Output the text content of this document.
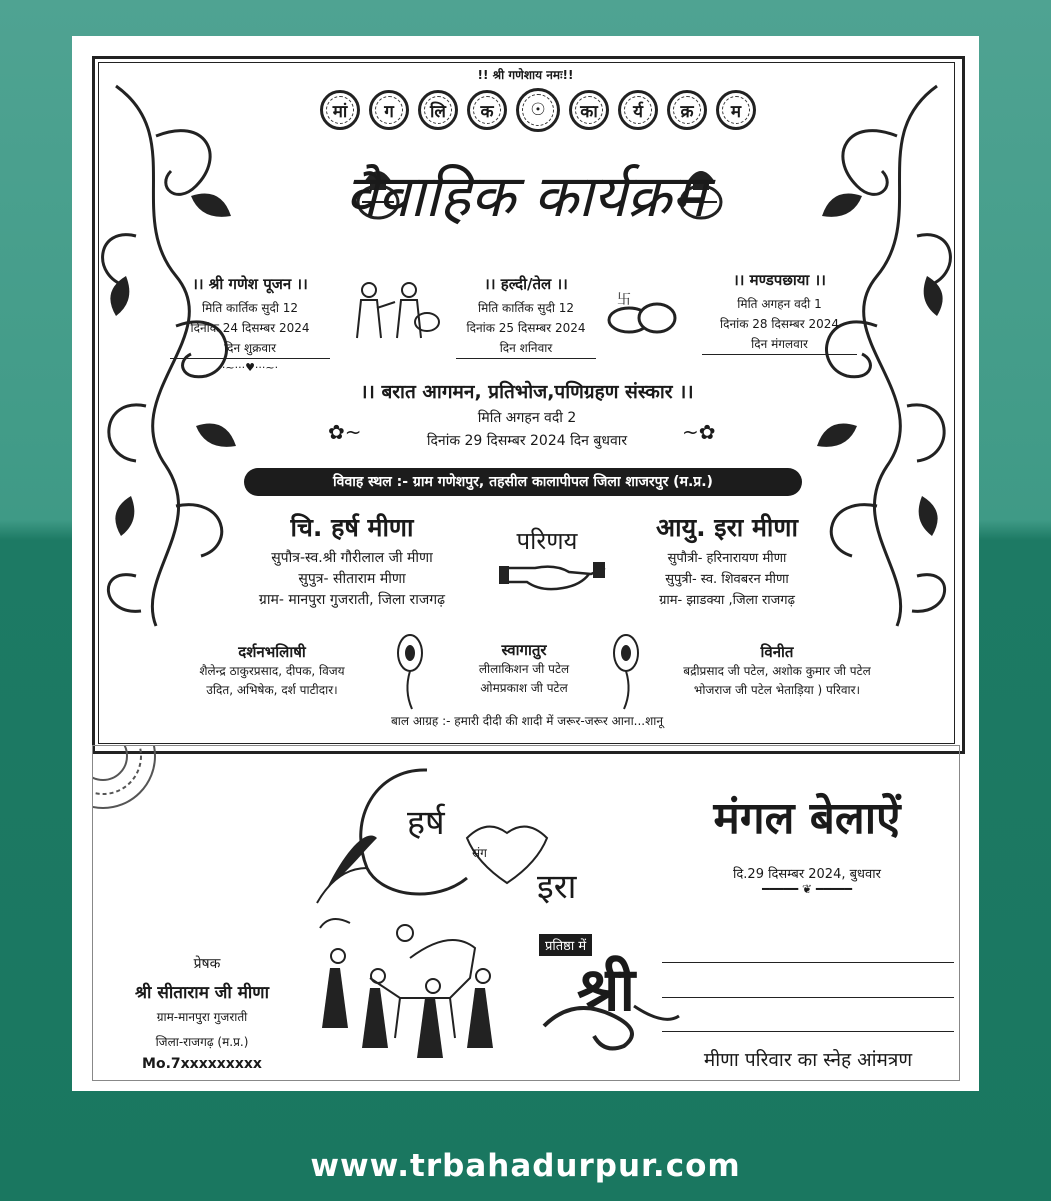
!! श्री गणेशाय नमः!!
मां	ग	लि	क	☉	का	र्य	क्र	म
वैवाहिक कार्यक्रम
।। श्री गणेश पूजन ।।
मिति कार्तिक सुदी 12
दिनांक 24 दिसम्बर 2024
दिन शुक्रवार
·~···♥···~·
।। हल्दी/तेल ।।
मिति कार्तिक सुदी 12
दिनांक 25 दिसम्बर 2024
दिन शनिवार
卐
।। मण्डपछाया ।।
मिति अगहन वदी 1
दिनांक 28 दिसम्बर 2024
दिन मंगलवार
।। बरात आगमन, प्रतिभोज,पणिग्रहण संस्कार ।।
मिति अगहन वदी 2
दिनांक 29 दिसम्बर 2024 दिन बुधवार
✿~	~✿
विवाह स्थल :- ग्राम गणेशपुर, तहसील कालापीपल जिला शाजरपुर (म.प्र.)
चि. हर्ष मीणा
सुपौत्र-स्व.श्री गौरीलाल जी मीणा
सुपुत्र- सीताराम मीणा
ग्राम- मानपुरा गुजराती, जिला राजगढ़
परिणय	आयु. इरा मीणा
सुपौत्री- हरिनारायण मीणा
सुपुत्री- स्व. शिवबरन मीणा
ग्राम- झाडक्या ,जिला राजगढ़
दर्शनभलिाषी
शैलेन्द्र ठाकुरप्रसाद, दीपक, विजय
उदित, अभिषेक, दर्श पाटीदार।
स्वागातुर
लीलाकिशन जी पटेल
ओमप्रकाश जी पटेल
विनीत
बद्रीप्रसाद जी पटेल, अशोक कुमार जी पटेल
भोजराज जी पटेल भेताड़िया ) परिवार।
बाल आग्रह :- हमारी दीदी की शादी में जरूर-जरूर आना...शानू
हर्ष
संग
इरा
मंगल बेलाऐं
दि.29 दिसम्बर 2024, बुधवार
━━━━━ ❦ ━━━━━
प्रेषक
श्री सीताराम जी मीणा
ग्राम-मानपुरा गुजराती
जिला-राजगढ़ (म.प्र.)
Mo.7xxxxxxxxx
प्रतिष्ठा में
श्री
मीणा परिवार का स्नेह आंमत्रण
www.trbahadurpur.com
